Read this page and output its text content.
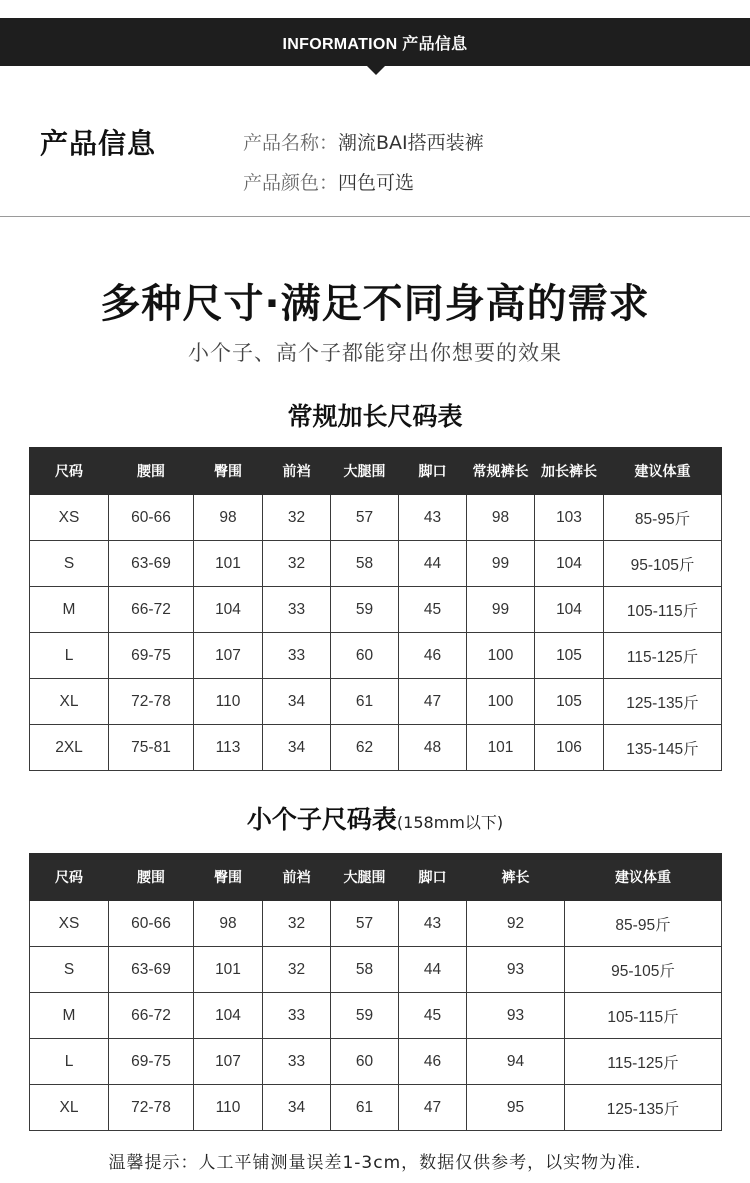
INFORMATION 产品信息
产品信息	产品名称：潮流BAI搭西装裤
产品颜色：四色可选
多种尺寸·满足不同身高的需求
小个子、高个子都能穿出你想要的效果
常规加长尺码表
尺码	腰围	臀围	前裆	大腿围	脚口	常规裤长	加长裤长	建议体重
XS	60-66	98	32	57	43	98	103	85-95斤
S	63-69	101	32	58	44	99	104	95-105斤
M	66-72	104	33	59	45	99	104	105-115斤
L	69-75	107	33	60	46	100	105	115-125斤
XL	72-78	110	34	61	47	100	105	125-135斤
2XL	75-81	113	34	62	48	101	106	135-145斤
小个子尺码表(158mm以下)
尺码	腰围	臀围	前裆	大腿围	脚口	裤长	建议体重
XS	60-66	98	32	57	43	92	85-95斤
S	63-69	101	32	58	44	93	95-105斤
M	66-72	104	33	59	45	93	105-115斤
L	69-75	107	33	60	46	94	115-125斤
XL	72-78	110	34	61	47	95	125-135斤
温馨提示：人工平铺测量误差1-3cm，数据仅供参考，以实物为准.
